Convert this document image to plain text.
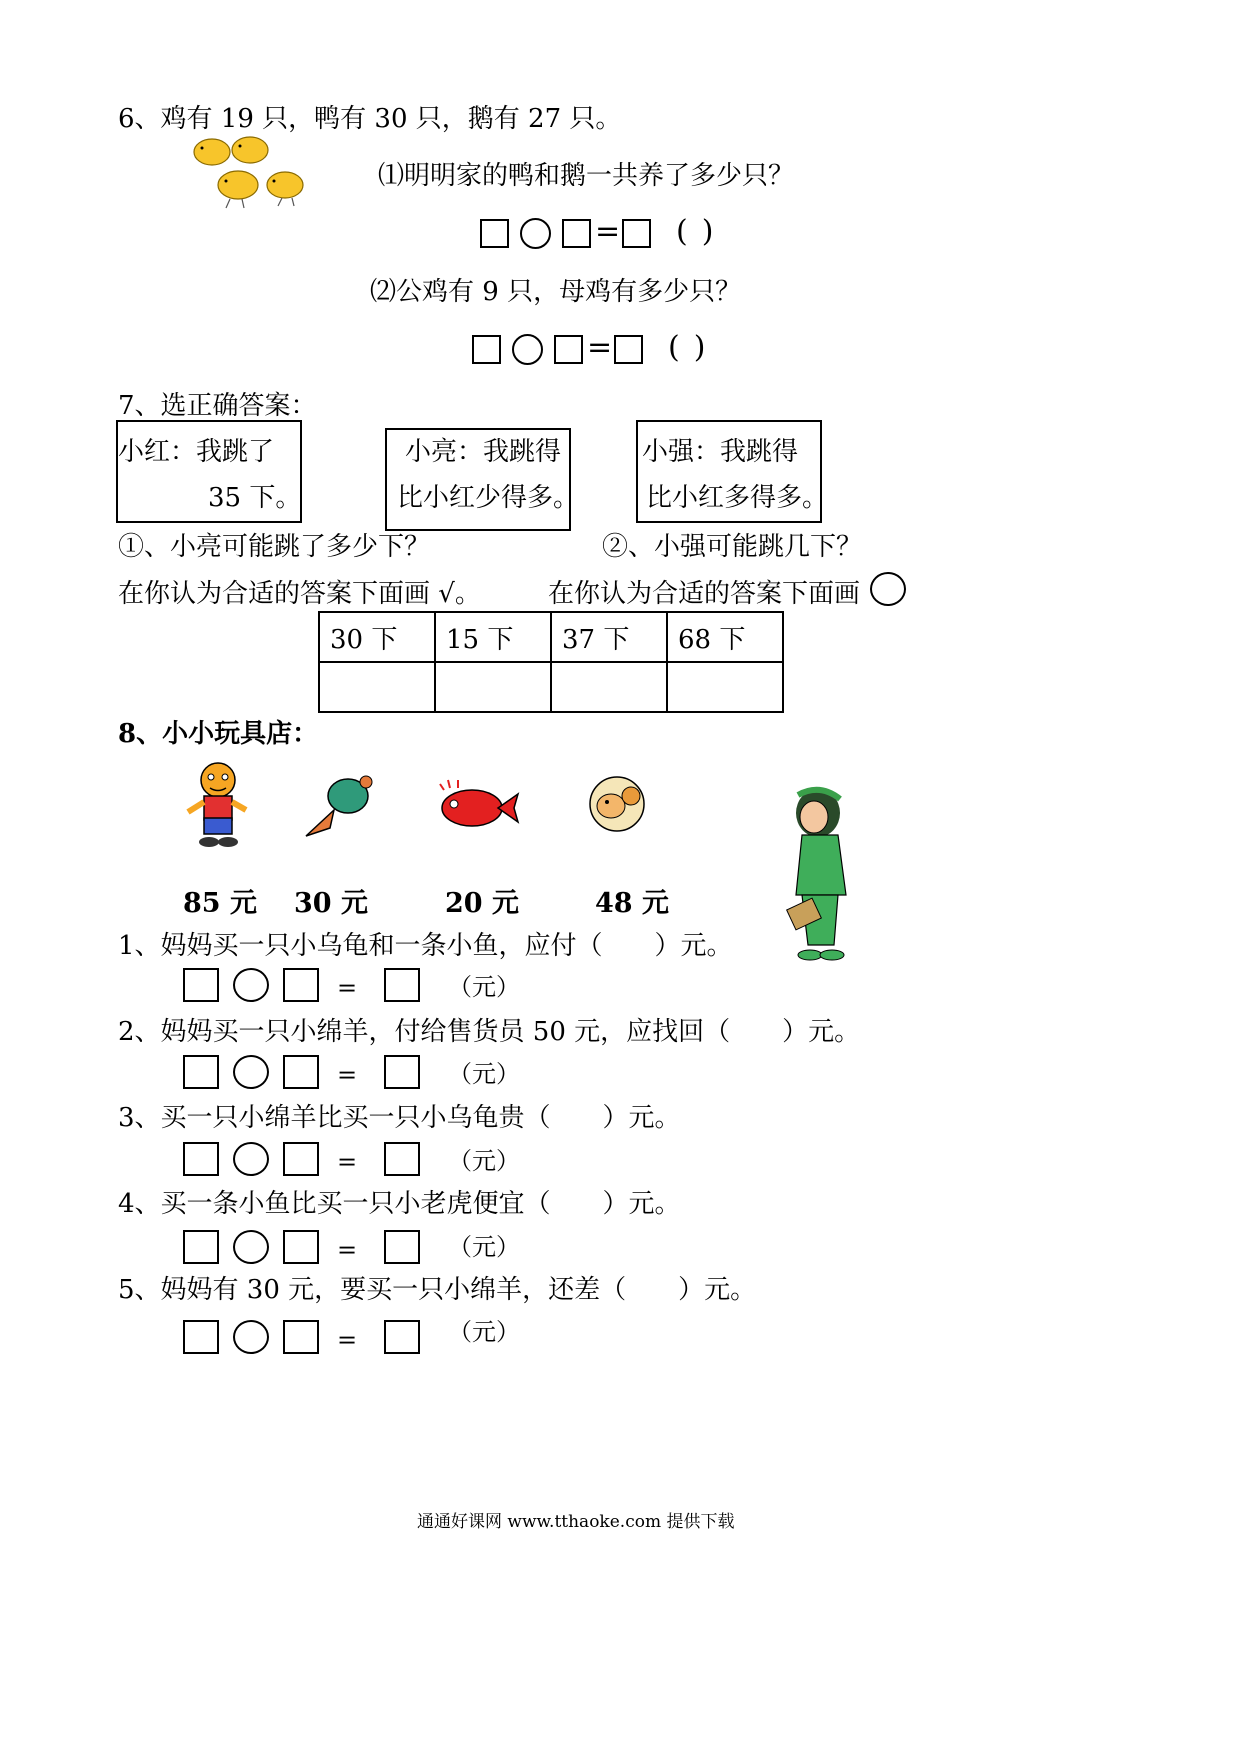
6、鸡有 19 只，鸭有 30 只，鹅有 27 只。
⑴明明家的鸭和鹅一共养了多少只？
= ()
⑵公鸡有 9 只，母鸡有多少只？
= ()
7、选正确答案：
小红：我跳了
35 下。
小亮：我跳得
比小红少得多。
小强：我跳得
比小红多得多。
①、小亮可能跳了多少下？	②、小强可能跳几下？
在你认为合适的答案下面画 √。	在你认为合适的答案下面画
30 下	15 下	37 下	68 下

8、小小玩具店：
85 元 30 元	20 元	48 元
1、妈妈买一只小乌龟和一条小鱼，应付（　　）元。
2、妈妈买一只小绵羊，付给售货员 50 元，应找回（　　）元。
3、买一只小绵羊比买一只小乌龟贵（　　）元。
4、买一条小鱼比买一只小老虎便宜（　　）元。
5、妈妈有 30 元，要买一只小绵羊，还差（　　）元。
=	（元）
=	（元）
=	（元）
=	（元）
=	（元）
通通好课网 www.tthaoke.com 提供下载
